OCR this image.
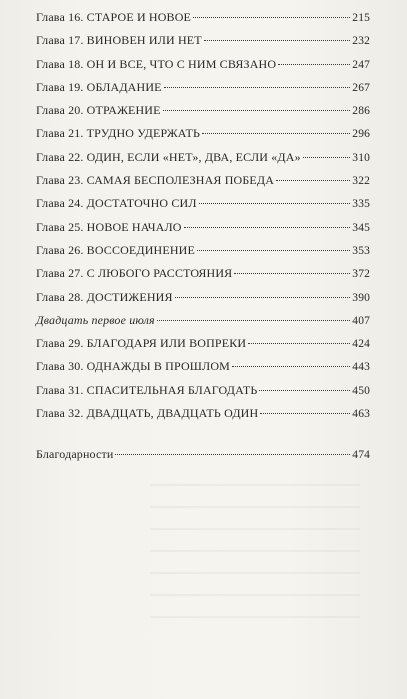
Глава 16. СТАРОЕ И НОВОЕ	215
Глава 17. ВИНОВЕН ИЛИ НЕТ	232
Глава 18. ОН И ВСЕ, ЧТО С НИМ СВЯЗАНО	247
Глава 19. ОБЛАДАНИЕ	267
Глава 20. ОТРАЖЕНИЕ	286
Глава 21. ТРУДНО УДЕРЖАТЬ	296
Глава 22. ОДИН, ЕСЛИ «НЕТ», ДВА, ЕСЛИ «ДА»	310
Глава 23. САМАЯ БЕСПОЛЕЗНАЯ ПОБЕДА	322
Глава 24. ДОСТАТОЧНО СИЛ	335
Глава 25. НОВОЕ НАЧАЛО	345
Глава 26. ВОССОЕДИНЕНИЕ	353
Глава 27. С ЛЮБОГО РАССТОЯНИЯ	372
Глава 28. ДОСТИЖЕНИЯ	390
Двадцать первое июля	407
Глава 29. БЛАГОДАРЯ ИЛИ ВОПРЕКИ	424
Глава 30. ОДНАЖДЫ В ПРОШЛОМ	443
Глава 31. СПАСИТЕЛЬНАЯ БЛАГОДАТЬ	450
Глава 32. ДВАДЦАТЬ, ДВАДЦАТЬ ОДИН	463
Благодарности	474
